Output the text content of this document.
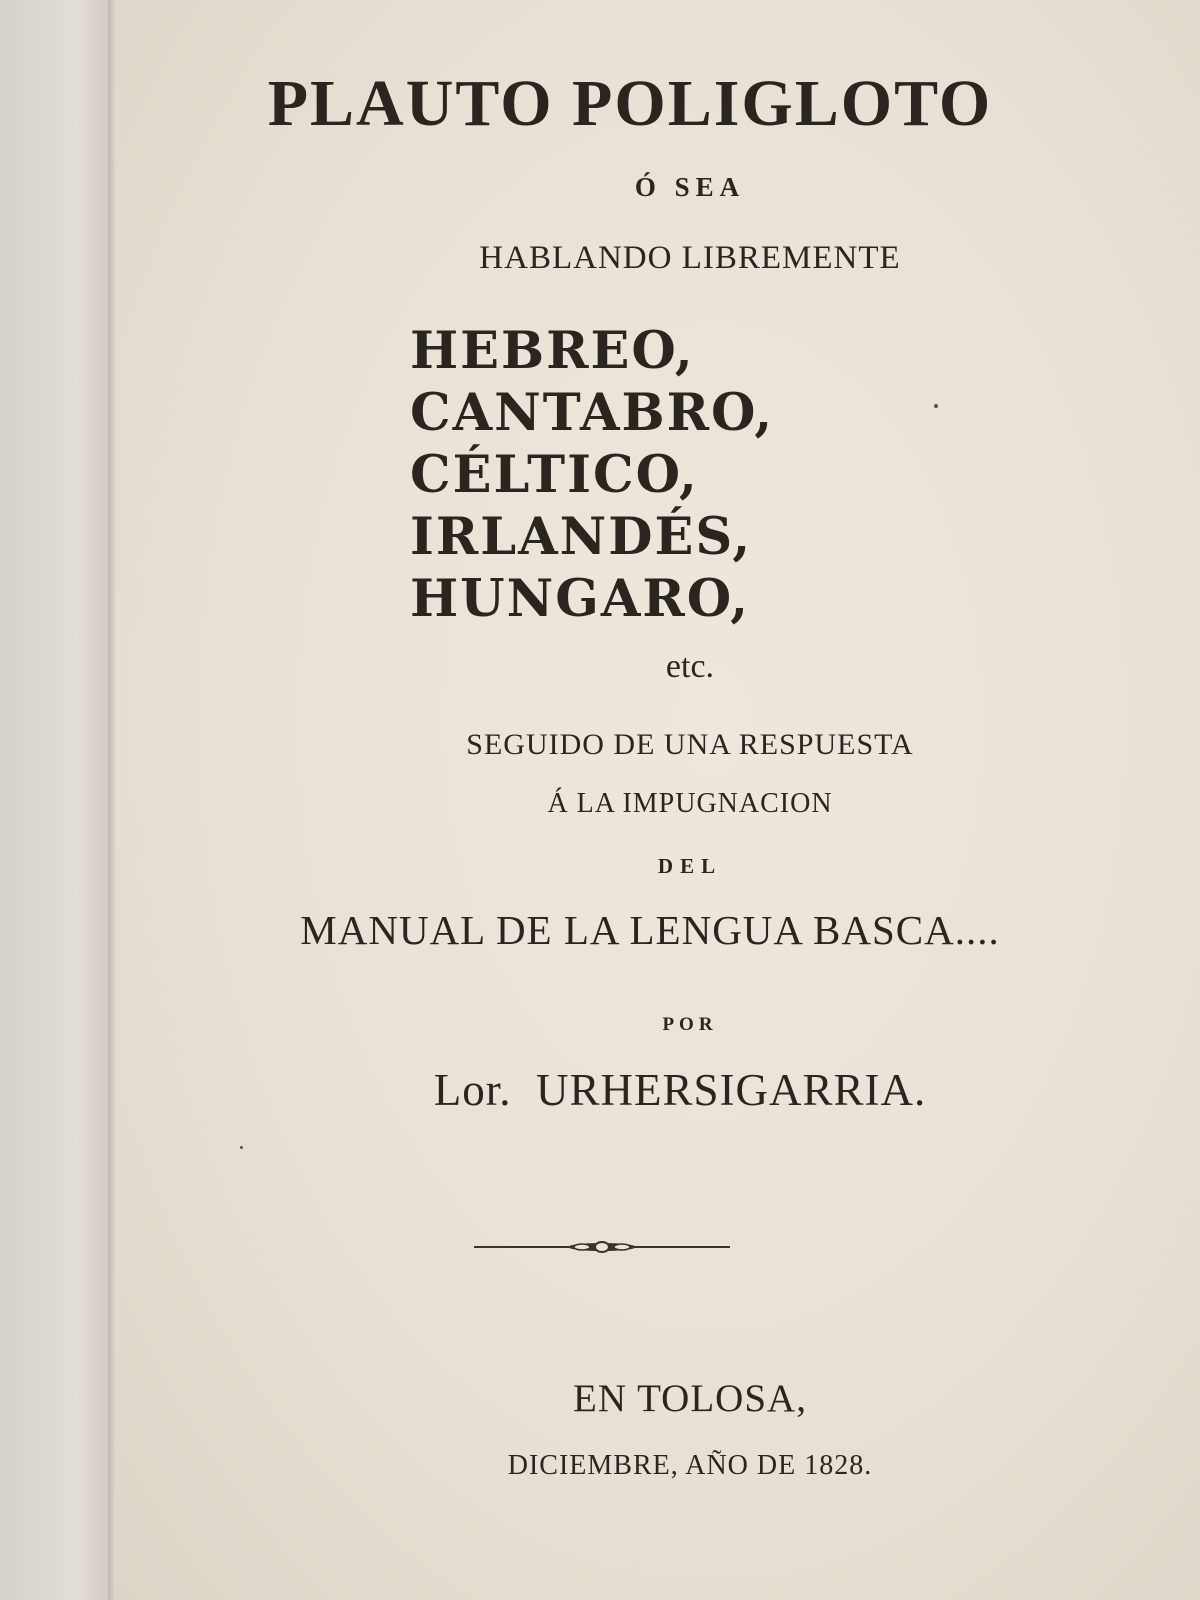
PLAUTO POLIGLOTO

Ó SEA

HABLANDO LIBREMENTE

HEBREO,

CANTABRO,

CÉLTICO,

IRLANDÉS,

HUNGARO,

etc.

SEGUIDO DE UNA RESPUESTA

Á LA IMPUGNACION

DEL

MANUAL DE LA LENGUA BASCA....

POR

Lor. URHERSIGARRIA.

EN TOLOSA,

DICIEMBRE, AÑO DE 1828.
